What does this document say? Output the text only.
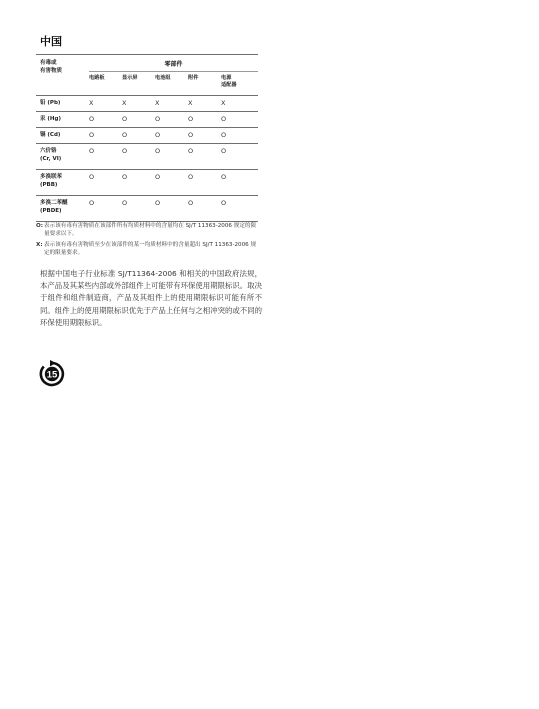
中国
有毒或
有害物质	零部件				

	电路板	显示屏	电池组	附件	电源
适配器

铅 (Pb)	X	X	X	X	X

汞 (Hg)	O	O	O	O	O

镉 (Cd)	O	O	O	O	O

六价铬
(Cr, VI)	O	O	O	O	O

多溴联苯
(PBB)	O	O	O	O	O

多溴二苯醚
(PBDE)	O	O	O	O	O
O: 表示该有毒有害物质在该部件所有均质材料中的含量均在 SJ/T 11363-2006 规定的限量要求以下。
X: 表示该有毒有害物质至少在该部件的某一均质材料中的含量超出 SJ/T 11363-2006 规定的限量要求。
根据中国电子行业标准 SJ/T11364-2006 和相关的中国政府法规，本产品及其某些内部或外部组件上可能带有环保使用期限标识。取决于组件和组件制造商，产品及其组件上的使用期限标识可能有所不同。组件上的使用期限标识优先于产品上任何与之相冲突的或不同的环保使用期限标识。
15
